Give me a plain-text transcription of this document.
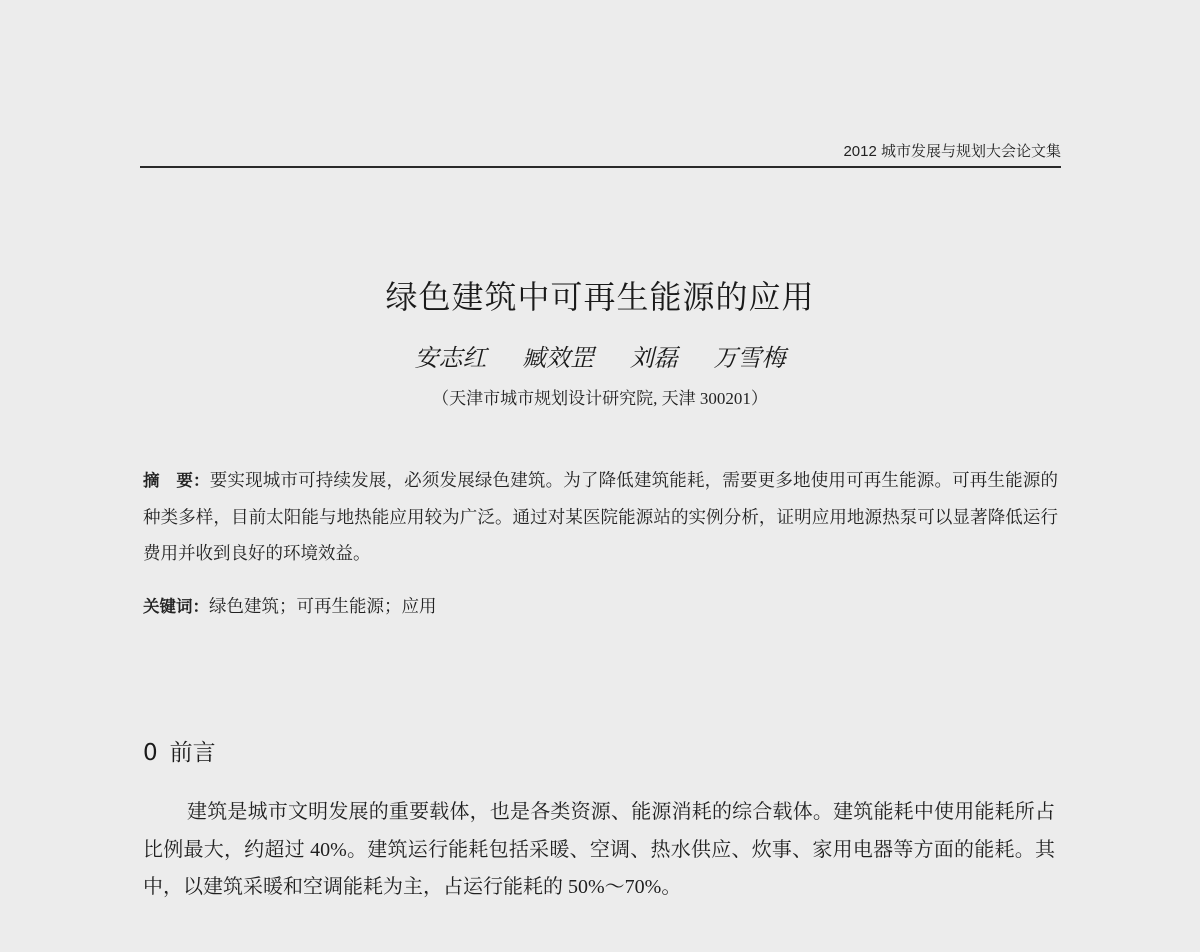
2012 城市发展与规划大会论文集
绿色建筑中可再生能源的应用
安志红 臧效罡 刘磊 万雪梅
（天津市城市规划设计研究院, 天津 300201）
摘　要：要实现城市可持续发展，必须发展绿色建筑。为了降低建筑能耗，需要更多地使用可再生能源。可再生能源的种类多样，目前太阳能与地热能应用较为广泛。通过对某医院能源站的实例分析，证明应用地源热泵可以显著降低运行费用并收到良好的环境效益。
关键词：绿色建筑；可再生能源；应用
0 前言
建筑是城市文明发展的重要载体，也是各类资源、能源消耗的综合载体。建筑能耗中使用能耗所占比例最大，约超过 40%。建筑运行能耗包括采暖、空调、热水供应、炊事、家用电器等方面的能耗。其中，以建筑采暖和空调能耗为主，占运行能耗的 50%～70%。
